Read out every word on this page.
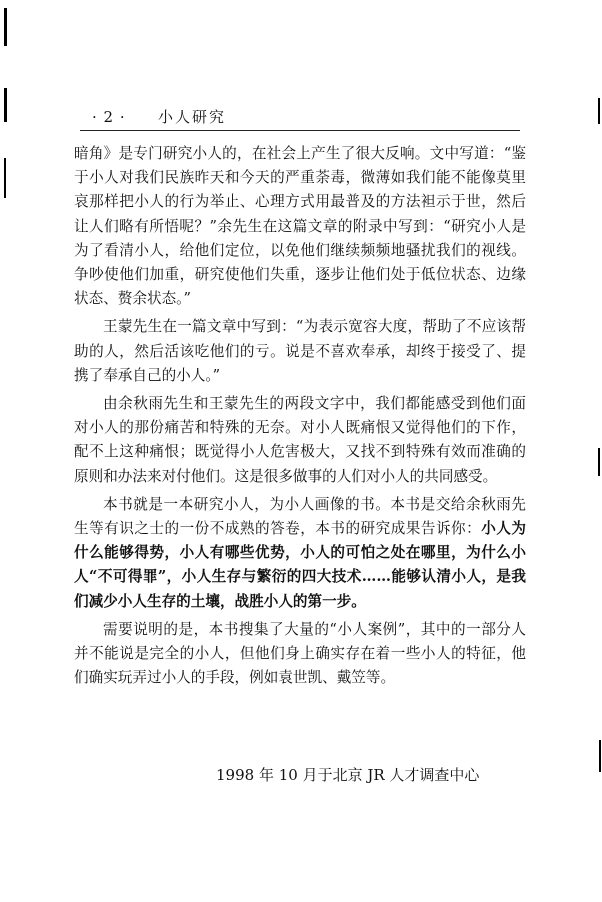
· 2 · 小人研究

暗角》是专门研究小人的，在社会上产生了很大反响。文中写道：“鉴于小人对我们民族昨天和今天的严重荼毒，微薄如我们能不能像莫里哀那样把小人的行为举止、心理方式用最普及的方法袒示于世，然后让人们略有所悟呢？”余先生在这篇文章的附录中写到：“研究小人是为了看清小人，给他们定位，以免他们继续频频地骚扰我们的视线。争吵使他们加重，研究使他们失重，逐步让他们处于低位状态、边缘状态、赘余状态。”

王蒙先生在一篇文章中写到：“为表示宽容大度，帮助了不应该帮助的人，然后活该吃他们的亏。说是不喜欢奉承，却终于接受了、提携了奉承自己的小人。”

由余秋雨先生和王蒙先生的两段文字中，我们都能感受到他们面对小人的那份痛苦和特殊的无奈。对小人既痛恨又觉得他们的下作，配不上这种痛恨；既觉得小人危害极大，又找不到特殊有效而准确的原则和办法来对付他们。这是很多做事的人们对小人的共同感受。

本书就是一本研究小人，为小人画像的书。本书是交给余秋雨先生等有识之士的一份不成熟的答卷，本书的研究成果告诉你：小人为什么能够得势，小人有哪些优势，小人的可怕之处在哪里，为什么小人“不可得罪”，小人生存与繁衍的四大技术……能够认清小人，是我们减少小人生存的土壤，战胜小人的第一步。

需要说明的是，本书搜集了大量的“小人案例”，其中的一部分人并不能说是完全的小人，但他们身上确实存在着一些小人的特征，他们确实玩弄过小人的手段，例如袁世凯、戴笠等。

1998 年 10 月于北京 JR 人才调查中心
